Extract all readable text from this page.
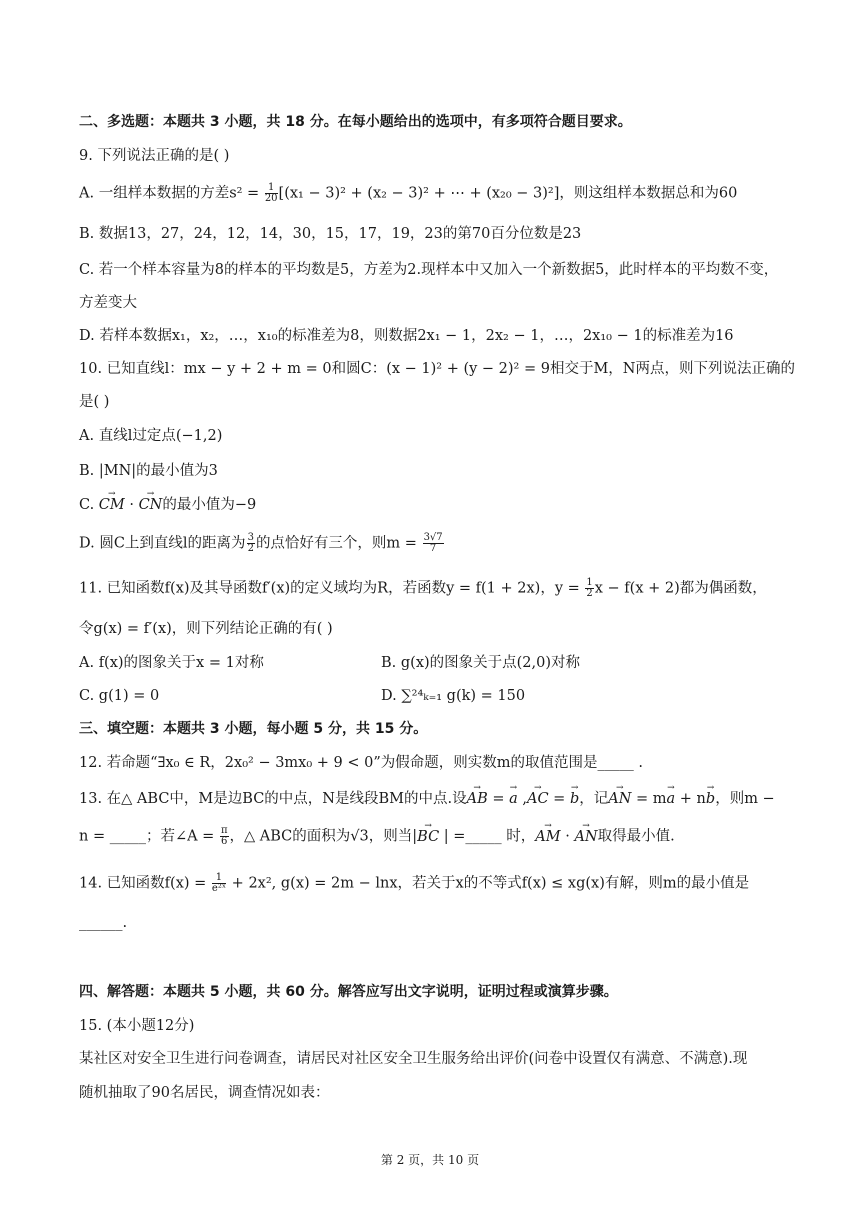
二、多选题：本题共 3 小题，共 18 分。在每小题给出的选项中，有多项符合题目要求。
9. 下列说法正确的是( )
A. 一组样本数据的方差$s^2 = \frac{1}{20} [(x_1 - 3)^2 + (x_2 - 3)^2$ + ⋯ + (x₂₀ − 3)²]，则这组样本数据总和为60
B. 数据13，27，24，12，14，30，15，17，19，23的第70百分位数是23
C. 若一个样本容量为8的样本的平均数是5，方差为2.现样本中又加入一个新数据5，此时样本的平均数不变，
方差变大
D. 若样本数据x₁，x₂，…，x₁₀的标准差为8，则数据2x₁ − 1，2x₂ − 1，…，2x₁₀ − 1的标准差为16
10. 已知直线l：mx − y + 2 + m = 0和圆C：(x − 1)² + (y − 2)² = 9相交于M，N两点，则下列说法正确的
是( )
A. 直线l过定点(−1,2)
B. |MN|的最小值为3
C. → CM · → CN的最小值为−9
D. 圆C上到直线l的距离为 $\frac{3}{2}$ 的点恰好有三个，则$m = \frac{3√7}{7}$
11. 已知函数f(x)及其导函数f′(x)的定义域均为R，若函数y = f(1 + 2x)，$y = \frac{1}{2}$ x − f(x + 2)都为偶函数，
令g(x) = f′(x)，则下列结论正确的有( )
A. f(x)的图象关于x = 1对称	B. g(x)的图象关于点(2,0)对称
C. g(1) = 0	D. ∑²⁴ₖ₌₁ g(k) = 150
三、填空题：本题共 3 小题，每小题 5 分，共 15 分。
12. 若命题“∃x₀ ∈ R，2x₀² − 3mx₀ + 9 < 0”为假命题，则实数m的取值范围是_____ .
13. 在△ ABC中，M是边BC的中点，N是线段BM的中点.设→ AB = → a ,→ AC = → b，记→ AN = m→ a + n→ b，则m −
n = _____；若∠A = $\frac{\pi}{6}$ ，△ ABC的面积为√3，则当|→ BC | =_____ 时，→ AM · → AN取得最小值.
14. 已知函数$f(x) = \frac{1}{\text{e²ˣ}} + 2x^2$, g(x) = 2m − lnx，若关于x的不等式f(x) ≤ xg(x)有解，则m的最小值是
______.
四、解答题：本题共 5 小题，共 60 分。解答应写出文字说明，证明过程或演算步骤。
15. (本小题12分)
某社区对安全卫生进行问卷调查，请居民对社区安全卫生服务给出评价(问卷中设置仅有满意、不满意).现
随机抽取了90名居民，调查情况如表：
第 2 页，共 10 页
